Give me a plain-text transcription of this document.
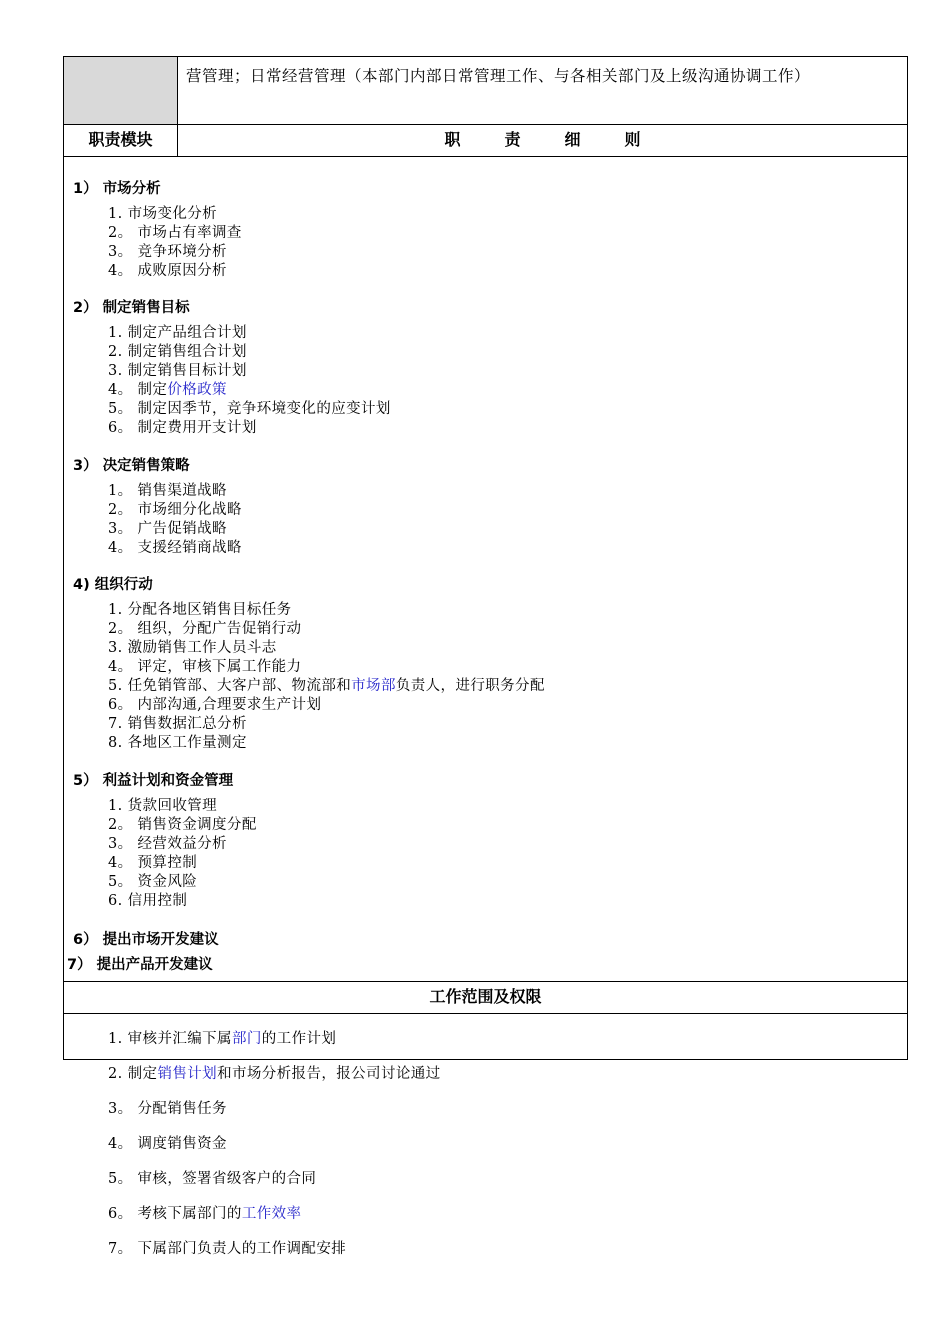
营管理；日常经营管理（本部门内部日常管理工作、与各相关部门及上级沟通协调工作）
职责模块	职	责	细	则
1） 市场分析
1. 市场变化分析
2。 市场占有率调查
3。 竞争环境分析
4。 成败原因分析
2） 制定销售目标
1. 制定产品组合计划
2. 制定销售组合计划
3. 制定销售目标计划
4。 制定价格政策
5。 制定因季节，竞争环境变化的应变计划
6。 制定费用开支计划
3） 决定销售策略
1。 销售渠道战略
2。 市场细分化战略
3。 广告促销战略
4。 支援经销商战略
4) 组织行动
1. 分配各地区销售目标任务
2。 组织，分配广告促销行动
3. 激励销售工作人员斗志
4。 评定，审核下属工作能力
5. 任免销管部、大客户部、物流部和市场部负责人，进行职务分配
6。 内部沟通,合理要求生产计划
7. 销售数据汇总分析
8. 各地区工作量测定
5） 利益计划和资金管理
1. 货款回收管理
2。 销售资金调度分配
3。 经营效益分析
4。 预算控制
5。 资金风险
6. 信用控制
6） 提出市场开发建议
7） 提出产品开发建议
工作范围及权限
1. 审核并汇编下属部门的工作计划
2. 制定销售计划和市场分析报告，报公司讨论通过
3。 分配销售任务
4。 调度销售资金
5。 审核，签署省级客户的合同
6。 考核下属部门的工作效率
7。 下属部门负责人的工作调配安排
